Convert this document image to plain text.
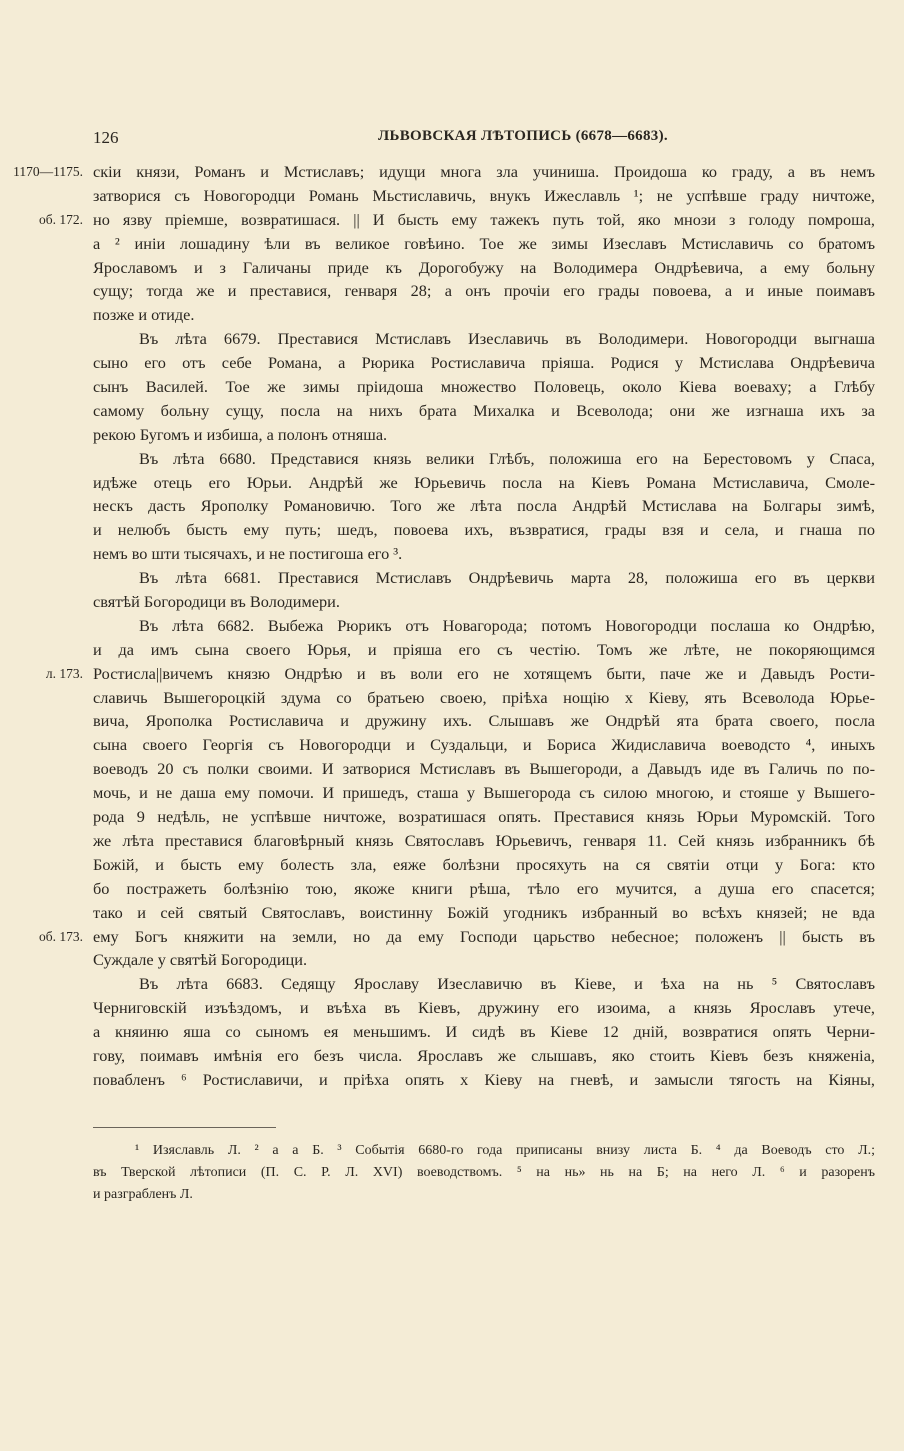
126	ЛЬВОВСКАЯ ЛѢТОПИСЬ (6678—6683).
1170—1175. скіи князи, Романъ и Мстиславъ; идущи многа зла учиниша. Проидоша ко граду, а въ немъ
затворися съ Новогородци Романь Мьстиславичь, внукъ Ижеславль ¹; не успѣвше граду ничтоже,
об. 172. но язву пріемше, возвратишася. || И бысть ему тажекъ путь той, яко мнози з голоду помроша,
а ² иніи лошадину ѣли въ великое говѣино. Тое же зимы Изеславъ Мстиславичь со братомъ
Ярославомъ и з Галичаны приде къ Дорогобужу на Володимера Ондрѣевича, а ему больну
сущу; тогда же и преставися, генваря 28; а онъ прочіи его грады повоева, а и иные поимавъ
позже и отиде.
Въ лѣта 6679. Преставися Мстиславъ Изеславичь въ Володимери. Новогородци выгнаша
сыно его отъ себе Романа, а Рюрика Ростиславича пріяша. Родися у Мстислава Ондрѣевича
сынъ Василей. Тое же зимы пріидоша множество Половець, около Кіева воеваху; а Глѣбу
самому больну сущу, посла на нихъ брата Михалка и Всеволода; они же изгнаша ихъ за
рекою Бугомъ и избиша, а полонъ отняша.
Въ лѣта 6680. Представися князь велики Глѣбъ, положиша его на Берестовомъ у Спаса,
идѣже отець его Юрьи. Андрѣй же Юрьевичь посла на Кіевъ Романа Мстиславича, Смоле-
нескъ дасть Ярополку Романовичю. Того же лѣта посла Андрѣй Мстислава на Болгары зимѣ,
и нелюбъ бысть ему путь; шедъ, повоева ихъ, възвратися, грады взя и села, и гнаша по
немъ во шти тысячахъ, и не постигоша его ³.
Въ лѣта 6681. Преставися Мстиславъ Ондрѣевичь марта 28, положиша его въ церкви
святѣй Богородици въ Володимери.
Въ лѣта 6682. Выбежа Рюрикъ отъ Новагорода; потомъ Новогородци послаша ко Ондрѣю,
и да имъ сына своего Юрья, и пріяша его съ честію. Томъ же лѣте, не покоряющимся
л. 173. Ростисла||вичемъ князю Ондрѣю и въ воли его не хотящемъ быти, паче же и Давыдъ Рости-
славичь Вышегороцкій здума со братьею своею, пріѣха нощію х Кіеву, ять Всеволода Юрье-
вича, Ярополка Ростиславича и дружину ихъ. Слышавъ же Ондрѣй ята брата своего, посла
сына своего Георгія съ Новогородци и Суздальци, и Бориса Жидиславича воеводсто ⁴, иныхъ
воеводъ 20 съ полки своими. И затворися Мстиславъ въ Вышегороди, а Давыдъ иде въ Галичь по по-
мочь, и не даша ему помочи. И пришедъ, сташа у Вышегорода съ силою многою, и стояше у Вышего-
рода 9 недѣль, не успѣвше ничтоже, возратишася опять. Преставися князь Юрьи Муромскій. Того
же лѣта преставися благовѣрный князь Святославъ Юрьевичъ, генваря 11. Сей князь избранникъ бѣ
Божій, и бысть ему болесть зла, еяже болѣзни просяхуть на ся святіи отци у Бога: кто
бо постражеть болѣзнію тою, якоже книги рѣша, тѣло его мучится, а душа его спасется;
тако и сей святый Святославъ, воистинну Божій угодникъ избранный во всѣхъ князей; не вда
об. 173. ему Богъ княжити на земли, но да ему Господи царьство небесное; положенъ || бысть въ
Суждале у святѣй Богородици.
Въ лѣта 6683. Седящу Ярославу Изеславичю въ Кіеве, и ѣха на нь ⁵ Святославъ
Черниговскій изъѣздомъ, и въѣха въ Кіевъ, дружину его изоима, а князь Ярославъ утече,
а княиню яша со сыномъ ея меньшимъ. И сидѣ въ Кіеве 12 дній, возвратися опять Черни-
гову, поимавъ имѣнія его безъ числа. Ярославъ же слышавъ, яко стоить Кіевъ безъ княженіа,
повабленъ ⁶ Ростиславичи, и пріѣха опять х Кіеву на гневѣ, и замысли тягость на Кіяны,
¹ Изяславль Л. ² а а Б. ³ Событія 6680-го года приписаны внизу листа Б. ⁴ да Воеводъ сто Л.;
въ Тверской лѣтописи (П. С. Р. Л. XVI) воеводствомъ. ⁵ на нь» нь на Б; на него Л. ⁶ и разоренъ
и разграбленъ Л.
